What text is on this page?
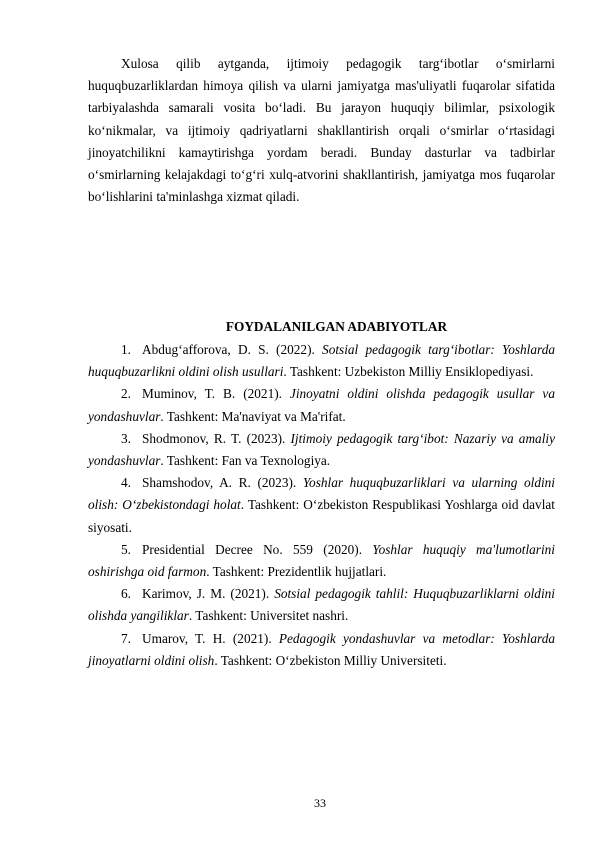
Xulosa qilib aytganda, ijtimoiy pedagogik targ‘ibotlar o‘smirlarni huquqbuzarliklardan himoya qilish va ularni jamiyatga mas'uliyatli fuqarolar sifatida tarbiyalashda samarali vosita bo‘ladi. Bu jarayon huquqiy bilimlar, psixologik ko‘nikmalar, va ijtimoiy qadriyatlarni shakllantirish orqali o‘smirlar o‘rtasidagi jinoyatchilikni kamaytirishga yordam beradi. Bunday dasturlar va tadbirlar o‘smirlarning kelajakdagi to‘g‘ri xulq-atvorini shakllantirish, jamiyatga mos fuqarolar bo‘lishlarini ta'minlashga xizmat qiladi.

FOYDALANILGAN ADABIYOTLAR

1. Abdug‘afforova, D. S. (2022). Sotsial pedagogik targ‘ibotlar: Yoshlarda huquqbuzarlikni oldini olish usullari. Tashkent: Uzbekiston Milliy Ensiklopediyasi.
2. Muminov, T. B. (2021). Jinoyatni oldini olishda pedagogik usullar va yondashuvlar. Tashkent: Ma'naviyat va Ma'rifat.
3. Shodmonov, R. T. (2023). Ijtimoiy pedagogik targ‘ibot: Nazariy va amaliy yondashuvlar. Tashkent: Fan va Texnologiya.
4. Shamshodov, A. R. (2023). Yoshlar huquqbuzarliklari va ularning oldini olish: O‘zbekistondagi holat. Tashkent: O‘zbekiston Respublikasi Yoshlarga oid davlat siyosati.
5. Presidential Decree No. 559 (2020). Yoshlar huquqiy ma'lumotlarini oshirishga oid farmon. Tashkent: Prezidentlik hujjatlari.
6. Karimov, J. M. (2021). Sotsial pedagogik tahlil: Huquqbuzarliklarni oldini olishda yangiliklar. Tashkent: Universitet nashri.
7. Umarov, T. H. (2021). Pedagogik yondashuvlar va metodlar: Yoshlarda jinoyatlarni oldini olish. Tashkent: O‘zbekiston Milliy Universiteti.
33
